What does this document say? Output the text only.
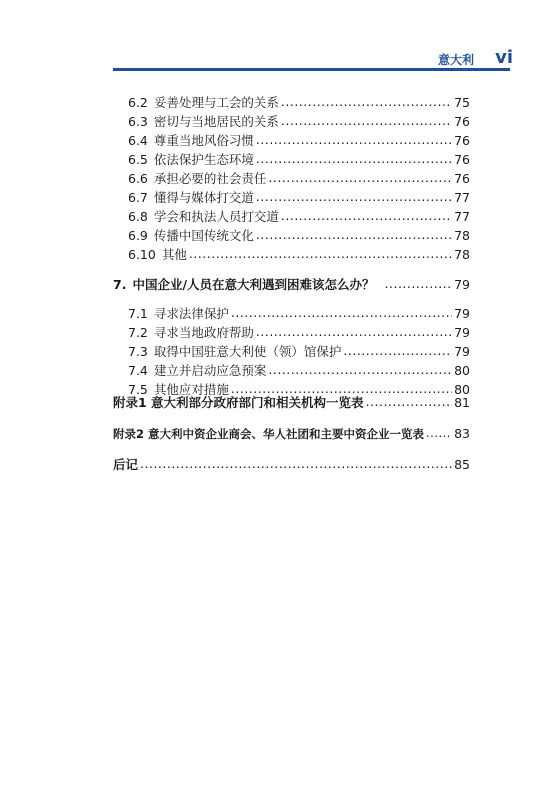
意大利 vi
6.2 妥善处理与工会的关系 .....	75
6.3 密切与当地居民的关系 .....	76
6.4 尊重当地风俗习惯 .....	76
6.5 依法保护生态环境 .....	76
6.6 承担必要的社会责任 .....	76
6.7 懂得与媒体打交道 .....	77
6.8 学会和执法人员打交道 .....	77
6.9 传播中国传统文化 .....	78
6.10 其他 .....	78
7. 中国企业/人员在意大利遇到困难该怎么办？ .....	79
7.1 寻求法律保护 .....	79
7.2 寻求当地政府帮助 .....	79
7.3 取得中国驻意大利使（领）馆保护 .....	79
7.4 建立并启动应急预案 .....	80
7.5 其他应对措施 .....	80
附录1 意大利部分政府部门和相关机构一览表 .....	81
附录2 意大利中资企业商会、华人社团和主要中资企业一览表 ..... 83
后记 .....	85
